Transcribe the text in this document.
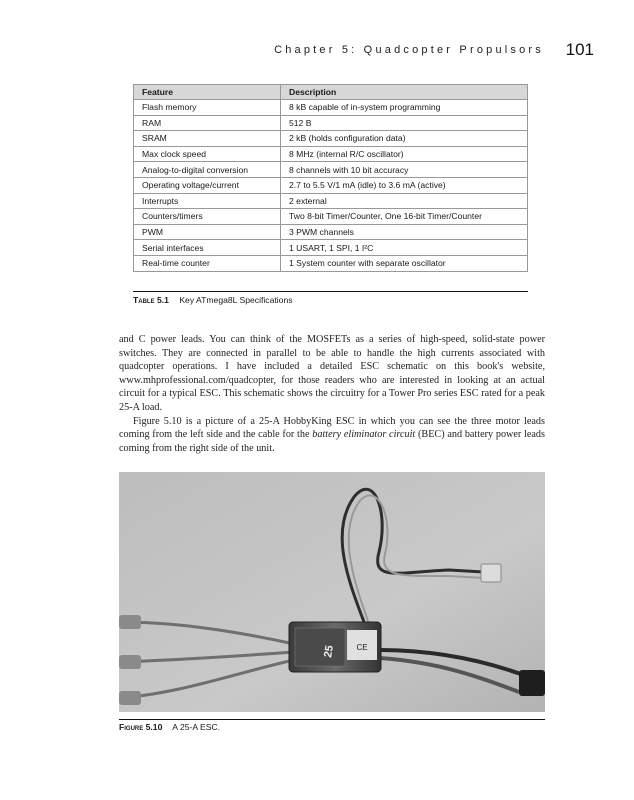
Chapter 5: Quadcopter Propulsors 101
Feature	Description
Flash memory	8 kB capable of in-system programming
RAM	512 B
SRAM	2 kB (holds configuration data)
Max clock speed	8 MHz (internal R/C oscillator)
Analog-to-digital conversion	8 channels with 10 bit accuracy
Operating voltage/current	2.7 to 5.5 V/1 mA (idle) to 3.6 mA (active)
Interrupts	2 external
Counters/timers	Two 8-bit Timer/Counter, One 16-bit Timer/Counter
PWM	3 PWM channels
Serial interfaces	1 USART, 1 SPI, 1 I²C
Real-time counter	1 System counter with separate oscillator
Table 5.1 Key ATmega8L Specifications

and C power leads. You can think of the MOSFETs as a series of high-speed, solid-state power switches. They are connected in parallel to be able to handle the high currents associated with quadcopter operations. I have included a detailed ESC schematic on this book's website, www.mhprofessional.com/quadcopter, for those readers who are interested in looking at an actual circuit for a typical ESC. This schematic shows the circuitry for a Tower Pro series ESC rated for a peak 25-A load.

Figure 5.10 is a picture of a 25-A HobbyKing ESC in which you can see the three motor leads coming from the left side and the cable for the battery eliminator circuit (BEC) and battery power leads coming from the right side of the unit.

CE
25
Figure 5.10 A 25-A ESC.
